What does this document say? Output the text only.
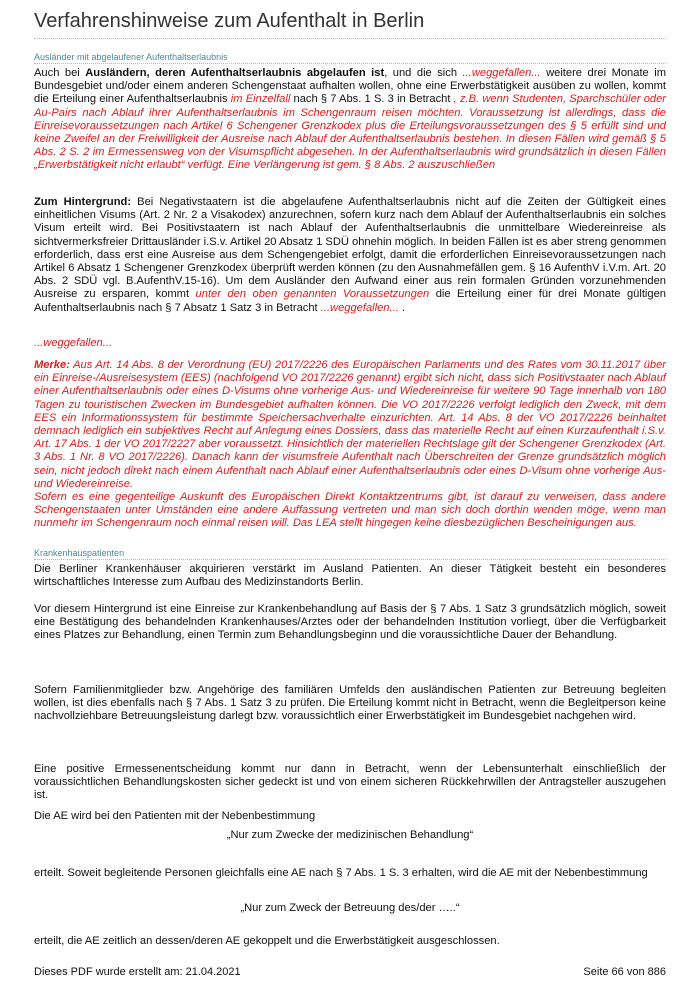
Verfahrenshinweise zum Aufenthalt in Berlin
Ausländer mit abgelaufener Aufenthaltserlaubnis

Auch bei Ausländern, deren Aufenthaltserlaubnis abgelaufen ist, und die sich ...weggefallen... weitere drei Monate im Bundesgebiet und/oder einem anderen Schengenstaat aufhalten wollen, ohne eine Erwerbstätigkeit ausüben zu wollen, kommt die Erteilung einer Aufenthaltserlaubnis im Einzelfall nach § 7 Abs. 1 S. 3 in Betracht , z.B. wenn Studenten, Sparchschüler oder Au-Pairs nach Ablauf ihrer Aufenthaltserlaubnis im Schengenraum reisen möchten. Voraussetzung ist allerdings, dass die Einreisevoraussetzungen nach Artikel 6 Schengener Grenzkodex plus die Erteilungsvoraussetzungen des § 5 erfüllt sind und keine Zweifel an der Freiwilligkeit der Ausreise nach Ablauf der Aufenthaltserlaubnis bestehen. In diesen Fällen wird gemäß § 5 Abs. 2 S. 2 im Ermessensweg von der Visumspflicht abgesehen. In der Aufenthaltserlaubnis wird grundsätzlich in diesen Fällen „Erwerbstätigkeit nicht erlaubt“ verfügt. Eine Verlängerung ist gem. § 8 Abs. 2 auszuschließen

Zum Hintergrund: Bei Negativstaatern ist die abgelaufene Aufenthaltserlaubnis nicht auf die Zeiten der Gültigkeit eines einheitlichen Visums (Art. 2 Nr. 2 a Visakodex) anzurechnen, sofern kurz nach dem Ablauf der Aufenthaltserlaubnis ein solches Visum erteilt wird. Bei Positivstaatern ist nach Ablauf der Aufenthaltserlaubnis die unmittelbare Wiedereinreise als sichtvermerksfreier Drittausländer i.S.v. Artikel 20 Absatz 1 SDÜ ohnehin möglich. In beiden Fällen ist es aber streng genommen erforderlich, dass erst eine Ausreise aus dem Schengengebiet erfolgt, damit die erforderlichen Einreisevoraussetzungen nach Artikel 6 Absatz 1 Schengener Grenzkodex überprüft werden können (zu den Ausnahmefällen gem. § 16 AufenthV i.V.m. Art. 20 Abs. 2 SDÜ vgl. B.AufenthV.15-16). Um dem Ausländer den Aufwand einer aus rein formalen Gründen vorzunehmenden Ausreise zu ersparen, kommt unter den oben genannten Voraussetzungen die Erteilung einer für drei Monate gültigen Aufenthaltserlaubnis nach § 7 Absatz 1 Satz 3 in Betracht ...weggefallen... .

...weggefallen...

Merke: Aus Art. 14 Abs. 8 der Verordnung (EU) 2017/2226 des Europäischen Parlaments und des Rates vom 30.11.2017 über ein Einreise-/Ausreisesystem (EES) (nachfolgend VO 2017/2226 genannt) ergibt sich nicht, dass sich Positivstaater nach Ablauf einer Aufenthaltserlaubnis oder eines D-Visums ohne vorherige Aus- und Wiedereinreise für weitere 90 Tage innerhalb von 180 Tagen zu touristischen Zwecken im Bundesgebiet aufhalten können. Die VO 2017/2226 verfolgt lediglich den Zweck, mit dem EES ein Informationssystem für bestimmte Speichersachverhalte einzurichten. Art. 14 Abs. 8 der VO 2017/2226 beinhaltet demnach lediglich ein subjektives Recht auf Anlegung eines Dossiers, dass das materielle Recht auf einen Kurzaufenthalt i.S.v. Art. 17 Abs. 1 der VO 2017/2227 aber voraussetzt. Hinsichtlich der materiellen Rechtslage gilt der Schengener Grenzkodex (Art. 3 Abs. 1 Nr. 8 VO 2017/2226). Danach kann der visumsfreie Aufenthalt nach Überschreiten der Grenze grundsätzlich möglich sein, nicht jedoch direkt nach einem Aufenthalt nach Ablauf einer Aufenthaltserlaubnis oder eines D-Visum ohne vorherige Aus- und Wiedereinreise.
Sofern es eine gegenteilige Auskunft des Europäischen Direkt Kontaktzentrums gibt, ist darauf zu verweisen, dass andere Schengenstaaten unter Umständen eine andere Auffassung vertreten und man sich doch dorthin wenden möge, wenn man nunmehr im Schengenraum noch einmal reisen will. Das LEA stellt hingegen keine diesbezüglichen Bescheinigungen aus.

Krankenhauspatienten

Die Berliner Krankenhäuser akquirieren verstärkt im Ausland Patienten. An dieser Tätigkeit besteht ein besonderes wirtschaftliches Interesse zum Aufbau des Medizinstandorts Berlin.

Vor diesem Hintergrund ist eine Einreise zur Krankenbehandlung auf Basis der § 7 Abs. 1 Satz 3 grundsätzlich möglich, soweit eine Bestätigung des behandelnden Krankenhauses/Arztes oder der behandelnden Institution vorliegt, über die Verfügbarkeit eines Platzes zur Behandlung, einen Termin zum Behandlungsbeginn und die voraussichtliche Dauer der Behandlung.

Sofern Familienmitglieder bzw. Angehörige des familiären Umfelds den ausländischen Patienten zur Betreuung begleiten wollen, ist dies ebenfalls nach § 7 Abs. 1 Satz 3 zu prüfen. Die Erteilung kommt nicht in Betracht, wenn die Begleitperson keine nachvollziehbare Betreuungsleistung darlegt bzw. voraussichtlich einer Erwerbstätigkeit im Bundesgebiet nachgehen wird.

Eine positive Ermessenentscheidung kommt nur dann in Betracht, wenn der Lebensunterhalt einschließlich der voraussichtlichen Behandlungskosten sicher gedeckt ist und von einem sicheren Rückkehrwillen der Antragsteller auszugehen ist.

Die AE wird bei den Patienten mit der Nebenbestimmung

„Nur zum Zwecke der medizinischen Behandlung“

erteilt. Soweit begleitende Personen gleichfalls eine AE nach § 7 Abs. 1 S. 3 erhalten, wird die AE mit der Nebenbestimmung

„Nur zum Zweck der Betreuung des/der …..“

erteilt, die AE zeitlich an dessen/deren AE gekoppelt und die Erwerbstätigkeit ausgeschlossen.

Dieses PDF wurde erstellt am: 21.04.2021	Seite 66 von 886
